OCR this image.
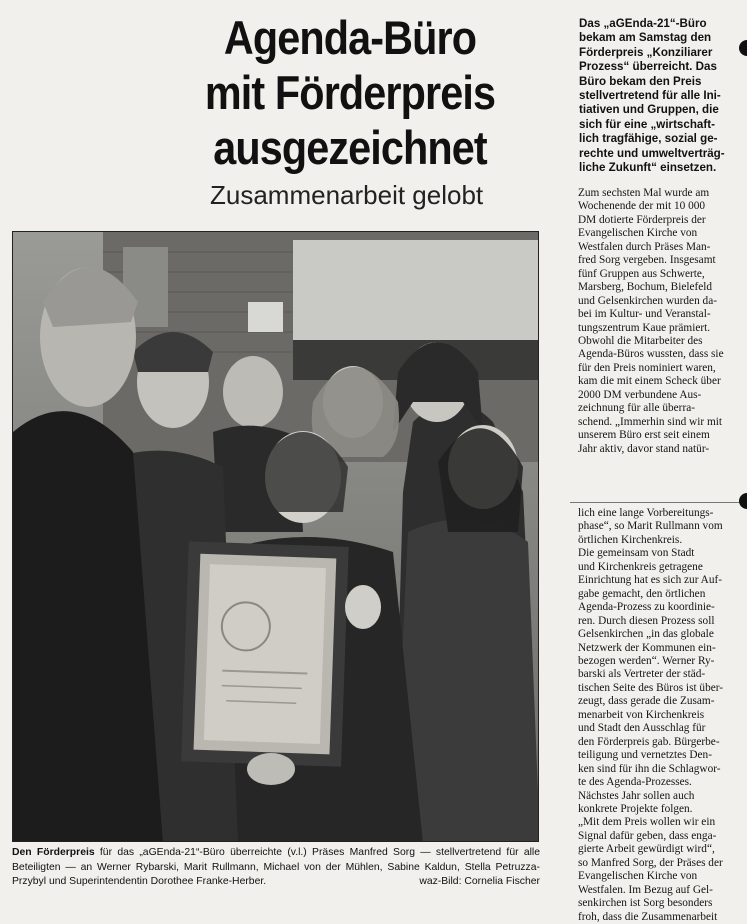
Agenda-Büro
mit Förderpreis
ausgezeichnet
Zusammenarbeit gelobt
Den Förderpreis für das „aGEnda-21“-Büro überreichte (v.l.) Präses Manfred Sorg — stellvertretend für alle Beteiligten — an Werner Rybarski, Marit Rullmann, Michael von der Mühlen, Sabine Kaldun, Stella Petruzza-Przybyl und Superintendentin Dorothee Franke-Herber.	waz-Bild: Cornelia Fischer
Das „aGEnda-21“-Büro
bekam am Samstag den
Förderpreis „Konziliarer
Prozess“ überreicht. Das
Büro bekam den Preis
stellvertretend für alle Ini-
tiativen und Gruppen, die
sich für eine „wirtschaft-
lich tragfähige, sozial ge-
rechte und umweltverträg-
liche Zukunft“ einsetzen.
Zum sechsten Mal wurde am
Wochenende der mit 10 000
DM dotierte Förderpreis der
Evangelischen Kirche von
Westfalen durch Präses Man-
fred Sorg vergeben. Insgesamt
fünf Gruppen aus Schwerte,
Marsberg, Bochum, Bielefeld
und Gelsenkirchen wurden da-
bei im Kultur- und Veranstal-
tungszentrum Kaue prämiert.
Obwohl die Mitarbeiter des
Agenda-Büros wussten, dass sie
für den Preis nominiert waren,
kam die mit einem Scheck über
2000 DM verbundene Aus-
zeichnung für alle überra-
schend. „Immerhin sind wir mit
unserem Büro erst seit einem
Jahr aktiv, davor stand natür-
lich eine lange Vorbereitungs-
phase“, so Marit Rullmann vom
örtlichen Kirchenkreis.
Die gemeinsam von Stadt
und Kirchenkreis getragene
Einrichtung hat es sich zur Auf-
gabe gemacht, den örtlichen
Agenda-Prozess zu koordinie-
ren. Durch diesen Prozess soll
Gelsenkirchen „in das globale
Netzwerk der Kommunen ein-
bezogen werden“. Werner Ry-
barski als Vertreter der städ-
tischen Seite des Büros ist über-
zeugt, dass gerade die Zusam-
menarbeit von Kirchenkreis
und Stadt den Ausschlag für
den Förderpreis gab. Bürgerbe-
teiligung und vernetztes Den-
ken sind für ihn die Schlagwor-
te des Agenda-Prozesses.
Nächstes Jahr sollen auch
konkrete Projekte folgen.
„Mit dem Preis wollen wir ein
Signal dafür geben, dass enga-
gierte Arbeit gewürdigt wird“,
so Manfred Sorg, der Präses der
Evangelischen Kirche von
Westfalen. Im Bezug auf Gel-
senkirchen ist Sorg besonders
froh, dass die Zusammenarbeit
